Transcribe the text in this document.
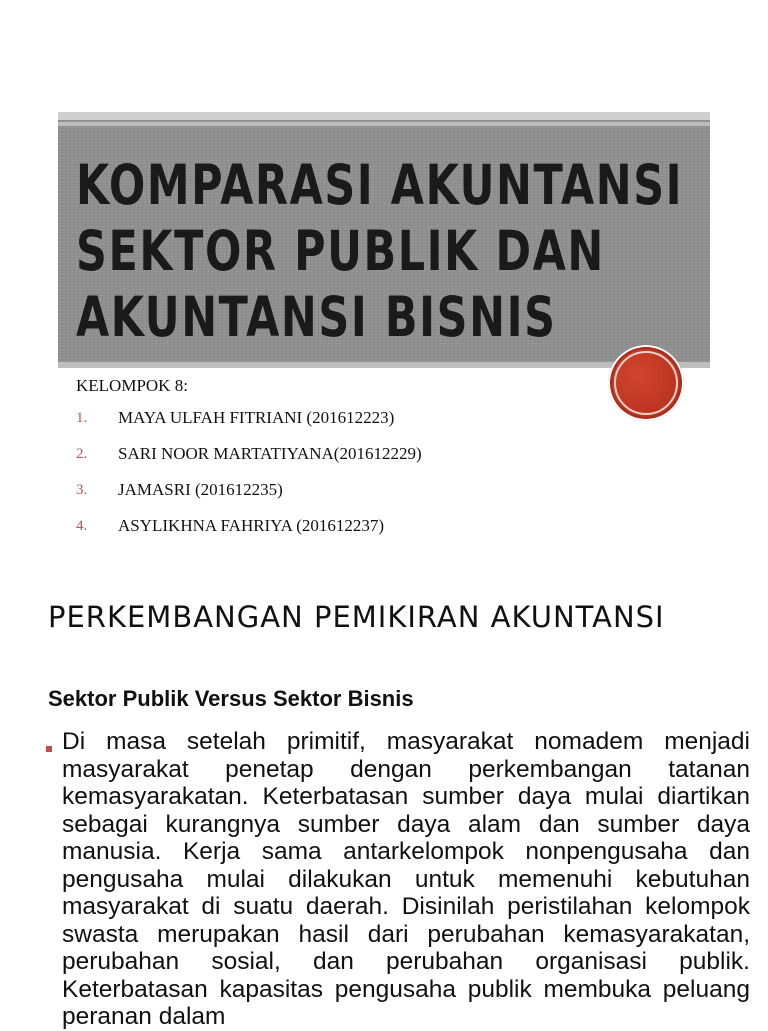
KOMPARASI AKUNTANSI SEKTOR PUBLIK DAN AKUNTANSI BISNIS

KELOMPOK 8:

1. MAYA ULFAH FITRIANI (201612223)
2. SARI NOOR MARTATIYANA(201612229)
3. JAMASRI (201612235)
4. ASYLIKHNA FAHRIYA (201612237)
PERKEMBANGAN PEMIKIRAN AKUNTANSI
Sektor Publik Versus Sektor Bisnis

Di masa setelah primitif, masyarakat nomadem menjadi masyarakat penetap dengan perkembangan tatanan kemasyarakatan. Keterbatasan sumber daya mulai diartikan sebagai kurangnya sumber daya alam dan sumber daya manusia. Kerja sama antarkelompok nonpengusaha dan pengusaha mulai dilakukan untuk memenuhi kebutuhan masyarakat di suatu daerah. Disinilah peristilahan kelompok swasta merupakan hasil dari perubahan kemasyarakatan, perubahan sosial, dan perubahan organisasi publik. Keterbatasan kapasitas pengusaha publik membuka peluang peranan dalam
